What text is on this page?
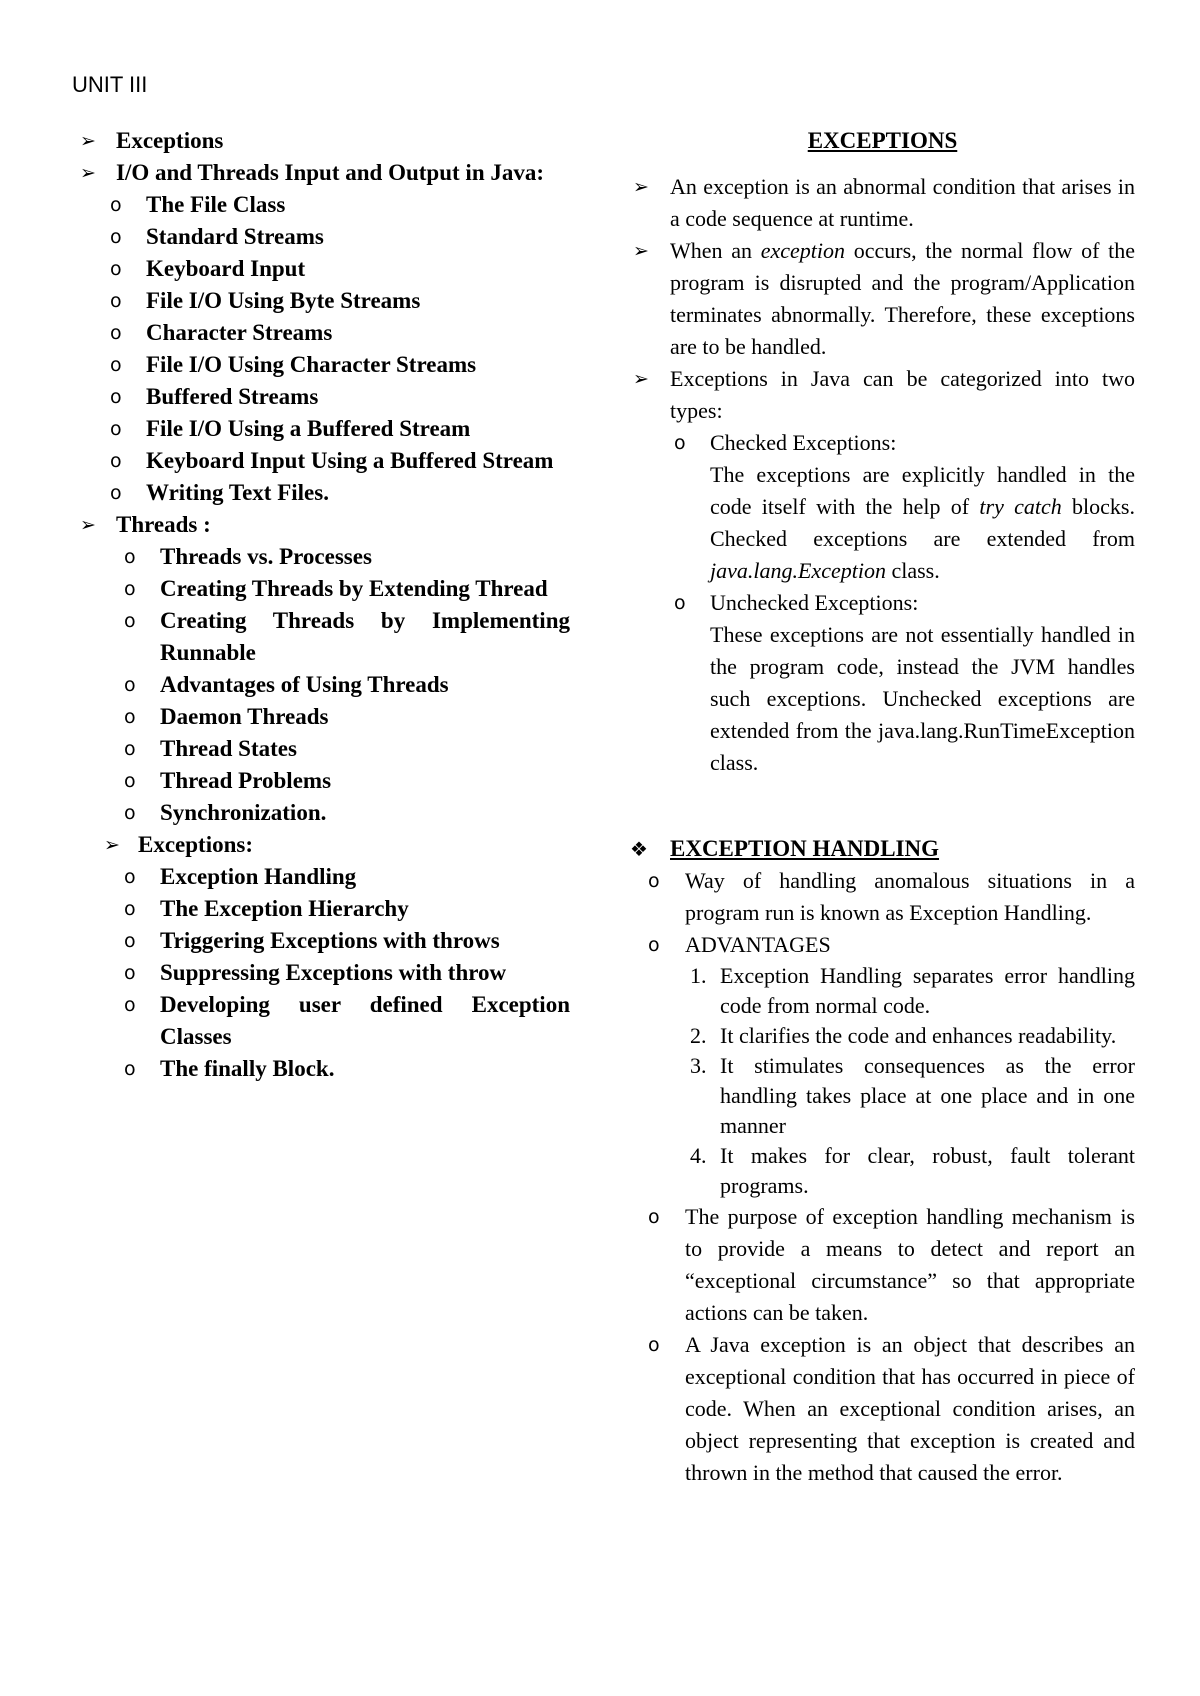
UNIT III
➢ Exceptions
➢ I/O and Threads Input and Output in Java:
o The File Class
o Standard Streams
o Keyboard Input
o File I/O Using Byte Streams
o Character Streams
o File I/O Using Character Streams
o Buffered Streams
o File I/O Using a Buffered Stream
o Keyboard Input Using a Buffered Stream
o Writing Text Files.
➢ Threads :
o Threads vs. Processes
o Creating Threads by Extending Thread
o Creating Threads by Implementing Runnable
o Advantages of Using Threads
o Daemon Threads
o Thread States
o Thread Problems
o Synchronization.
➢ Exceptions:
o Exception Handling
o The Exception Hierarchy
o Triggering Exceptions with throws
o Suppressing Exceptions with throw
o Developing user defined Exception Classes
o The finally Block.
EXCEPTIONS
➢ An exception is an abnormal condition that arises in a code sequence at runtime.
➢ When an exception occurs, the normal flow of the program is disrupted and the program/Application terminates abnormally. Therefore, these exceptions are to be handled.
➢ Exceptions in Java can be categorized into two types:
o Checked Exceptions:
The exceptions are explicitly handled in the code itself with the help of try catch blocks. Checked exceptions are extended from java.lang.Exception class.
o Unchecked Exceptions:
These exceptions are not essentially handled in the program code, instead the JVM handles such exceptions. Unchecked exceptions are extended from the java.lang.RunTimeException class.
❖ EXCEPTION HANDLING
o Way of handling anomalous situations in a program run is known as Exception Handling.
o ADVANTAGES
1. Exception Handling separates error handling code from normal code.
2. It clarifies the code and enhances readability.
3. It stimulates consequences as the error handling takes place at one place and in one manner
4. It makes for clear, robust, fault tolerant programs.
o The purpose of exception handling mechanism is to provide a means to detect and report an “exceptional circumstance” so that appropriate actions can be taken.
o A Java exception is an object that describes an exceptional condition that has occurred in piece of code. When an exceptional condition arises, an object representing that exception is created and thrown in the method that caused the error.
